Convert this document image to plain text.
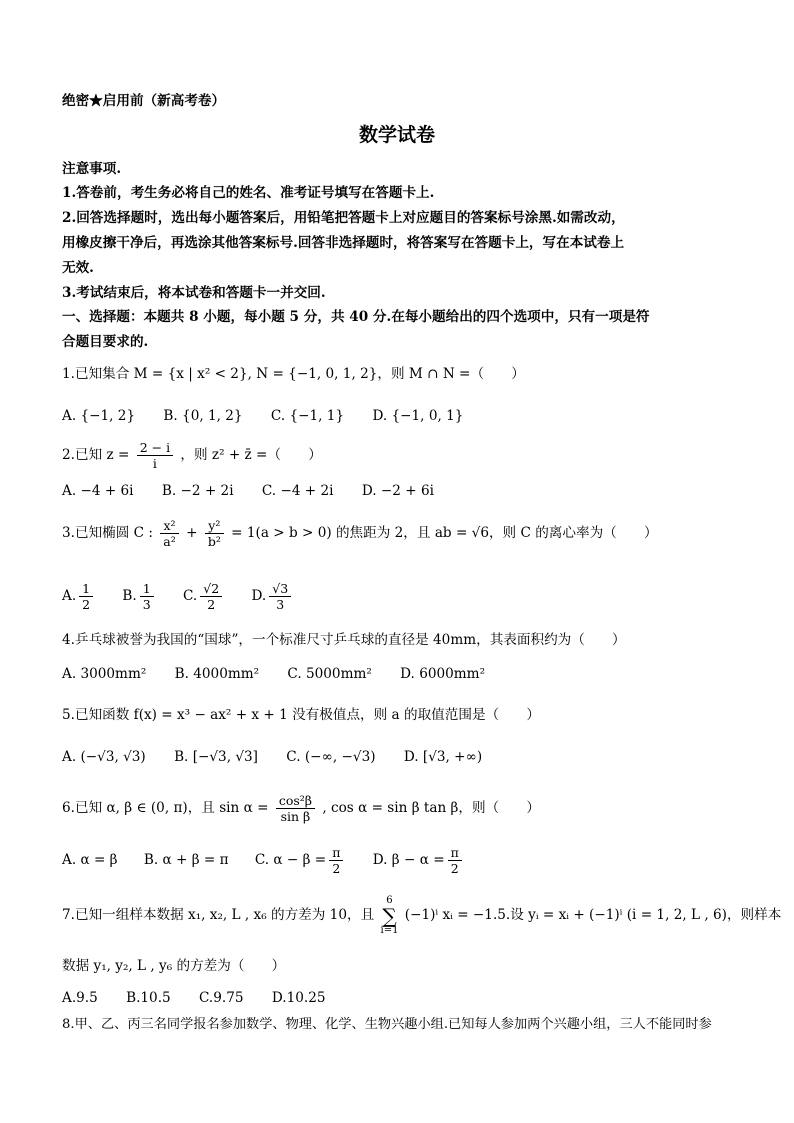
绝密★启用前（新高考卷）
数学试卷
注意事项.
1.答卷前，考生务必将自己的姓名、准考证号填写在答题卡上.
2.回答选择题时，选出每小题答案后，用铅笔把答题卡上对应题目的答案标号涂黑.如需改动，
用橡皮擦干净后，再选涂其他答案标号.回答非选择题时，将答案写在答题卡上，写在本试卷上
无效.
3.考试结束后，将本试卷和答题卡一并交回.
一、选择题：本题共 8 小题，每小题 5 分，共 40 分.在每小题给出的四个选项中，只有一项是符
合题目要求的.
1.已知集合 M = {x | x² < 2}, N = {−1, 0, 1, 2}，则 M ∩ N =（　　）
A. {−1, 2} B. {0, 1, 2} C. {−1, 1} D. {−1, 0, 1}
2.已知 $z = \frac{2 - i}{i}$ ，则 z² + z̄ =（　　）
A. −4 + 6i B. −2 + 2i C. −4 + 2i D. −2 + 6i
3.已知椭圆 C : $\frac{\text{x²}}{\text{a²}} + \frac{\text{y²}}{\text{b²}} = 1(a > b > 0)$ 的焦距为 2，且 ab = √6，则 C 的离心率为（　　）
A. $\frac{1}{2} B$. $\frac{1}{3} C$. $\frac{√2}{2} D$. $\frac{√3}{3}$
4.乒乓球被誉为我国的“国球”，一个标准尺寸乒乓球的直径是 40mm，其表面积约为（　　）
A. 3000mm² B. 4000mm² C. 5000mm² D. 6000mm²
5.已知函数 f(x) = x³ − ax² + x + 1 没有极值点，则 a 的取值范围是（　　）
A. (−√3, √3) B. [−√3, √3] C. (−∞, −√3) D. [√3, +∞)
6.已知 α, β ∈ (0, π)，且 $\sin \alpha = \frac{\text{cos²β}}{\text{sin β}}$ , cos α = sin β tan β，则（　　）
A. α = β B. α + β = π C. $\alpha - \beta = \frac{\pi}{2} D$. $\beta - \alpha = \frac{\pi}{2}$
7.已知一组样本数据 x₁, x₂, L , x₆ 的方差为 10，且
6
∑
i=1
(−1)ⁱ xᵢ = −1.5.设 yᵢ = xᵢ + (−1)ⁱ (i = 1, 2, L , 6)，则样本
数据 y₁, y₂, L , y₆ 的方差为（　　）
A.9.5 B.10.5 C.9.75 D.10.25
8.甲、乙、丙三名同学报名参加数学、物理、化学、生物兴趣小组.已知每人参加两个兴趣小组，三人不能同时参
